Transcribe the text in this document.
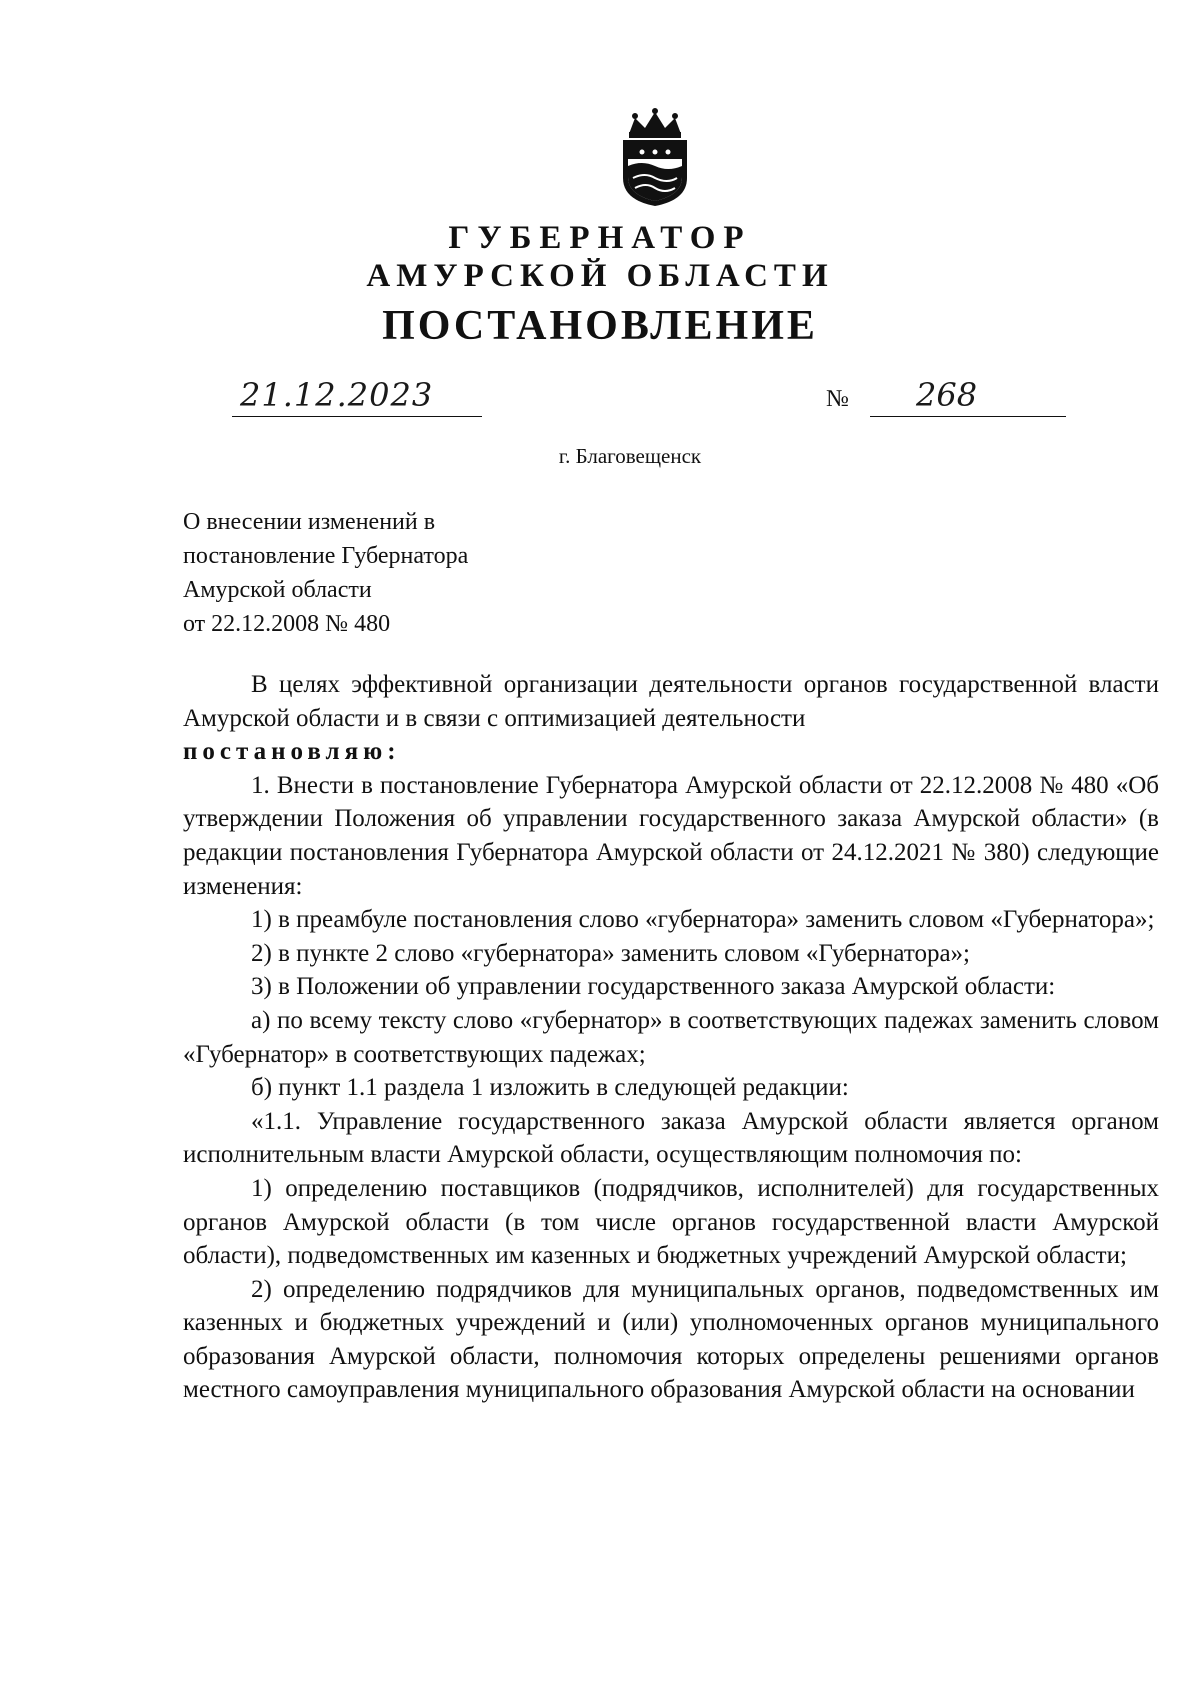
ГУБЕРНАТОР
АМУРСКОЙ ОБЛАСТИ
ПОСТАНОВЛЕНИЕ
21.12.2023	№ 268
г. Благовещенск
О внесении изменений в
постановление Губернатора
Амурской области
от 22.12.2008 № 480
В целях эффективной организации деятельности органов государственной власти Амурской области и в связи с оптимизацией деятельности
постановляю:
1. Внести в постановление Губернатора Амурской области от 22.12.2008 № 480 «Об утверждении Положения об управлении государственного заказа Амурской области» (в редакции постановления Губернатора Амурской области от 24.12.2021 № 380) следующие изменения:
1) в преамбуле постановления слово «губернатора» заменить словом «Губернатора»;
2) в пункте 2 слово «губернатора» заменить словом «Губернатора»;
3) в Положении об управлении государственного заказа Амурской области:
а) по всему тексту слово «губернатор» в соответствующих падежах заменить словом «Губернатор» в соответствующих падежах;
б) пункт 1.1 раздела 1 изложить в следующей редакции:
«1.1. Управление государственного заказа Амурской области является органом исполнительным власти Амурской области, осуществляющим полномочия по:
1) определению поставщиков (подрядчиков, исполнителей) для государственных органов Амурской области (в том числе органов государственной власти Амурской области), подведомственных им казенных и бюджетных учреждений Амурской области;
2) определению подрядчиков для муниципальных органов, подведомственных им казенных и бюджетных учреждений и (или) уполномоченных органов муниципального образования Амурской области, полномочия которых определены решениями органов местного самоуправления муниципального образования Амурской области на основании
